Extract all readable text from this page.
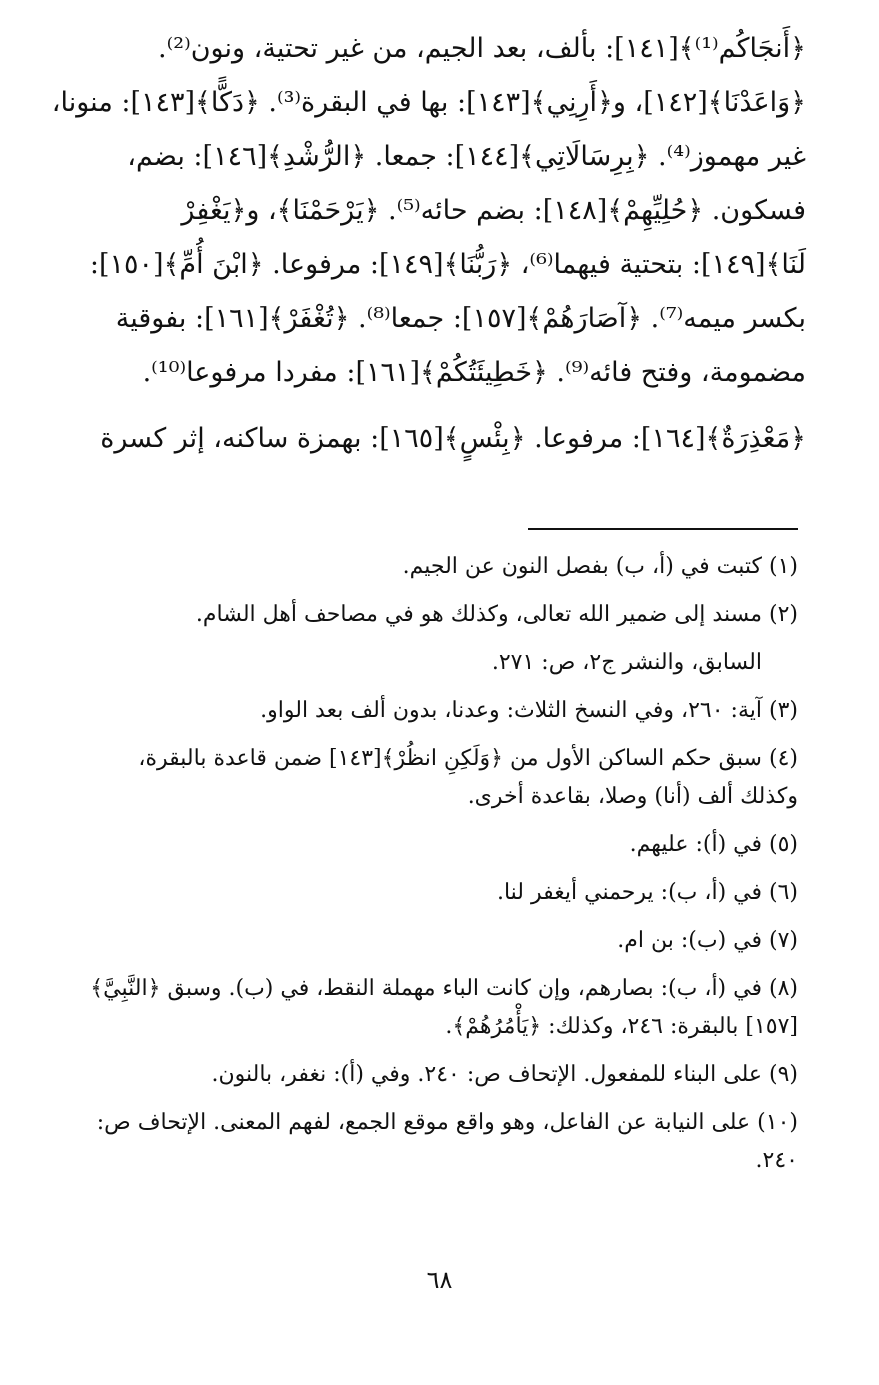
﴿أَنجَاكُم⁽¹⁾﴾[١٤١]: بألف، بعد الجيم، من غير تحتية، ونون⁽²⁾.
﴿وَاعَدْنَا﴾[١٤٢]، و﴿أَرِنِي﴾[١٤٣]: بها في البقرة⁽³⁾. ﴿دَكًّا﴾[١٤٣]: منونا،
غير مهموز⁽⁴⁾. ﴿بِرِسَالَاتِي﴾[١٤٤]: جمعا. ﴿الرُّشْدِ﴾[١٤٦]: بضم،
فسكون. ﴿حُلِيِّهِمْ﴾[١٤٨]: بضم حائه⁽⁵⁾. ﴿يَرْحَمْنَا﴾، و﴿يَغْفِرْ
لَنَا﴾[١٤٩]: بتحتية فيهما⁽⁶⁾، ﴿رَبُّنَا﴾[١٤٩]: مرفوعا. ﴿ابْنَ أُمِّ﴾[١٥٠]:
بكسر ميمه⁽⁷⁾. ﴿آصَارَهُمْ﴾[١٥٧]: جمعا⁽⁸⁾. ﴿تُغْفَرْ﴾[١٦١]: بفوقية
مضمومة، وفتح فائه⁽⁹⁾. ﴿خَطِيئَتُكُمْ﴾[١٦١]: مفردا مرفوعا⁽¹⁰⁾.
﴿مَعْذِرَةٌ﴾[١٦٤]: مرفوعا. ﴿بِئْسٍ﴾[١٦٥]: بهمزة ساكنه، إثر كسرة

(١) كتبت في (أ، ب) بفصل النون عن الجيم.

(٢) مسند إلى ضمير الله تعالى، وكذلك هو في مصاحف أهل الشام.

السابق، والنشر ج٢، ص: ٢٧١.

(٣) آية: ٢٦٠، وفي النسخ الثلاث: وعدنا، بدون ألف بعد الواو.

(٤) سبق حكم الساكن الأول من ﴿وَلَكِنِ انظُرْ﴾[١٤٣] ضمن قاعدة بالبقرة، وكذلك ألف (أنا) وصلا، بقاعدة أخرى.

(٥) في (أ): عليهم.

(٦) في (أ، ب): يرحمني أيغفر لنا.

(٧) في (ب): بن ام.

(٨) في (أ، ب): بصارهم، وإن كانت الباء مهملة النقط، في (ب). وسبق ﴿النَّبِيَّ﴾[١٥٧] بالبقرة: ٢٤٦، وكذلك: ﴿يَأْمُرُهُمْ﴾.

(٩) على البناء للمفعول. الإتحاف ص: ٢٤٠. وفي (أ): نغفر، بالنون.

(١٠) على النيابة عن الفاعل، وهو واقع موقع الجمع، لفهم المعنى. الإتحاف ص: ٢٤٠.

٦٨
